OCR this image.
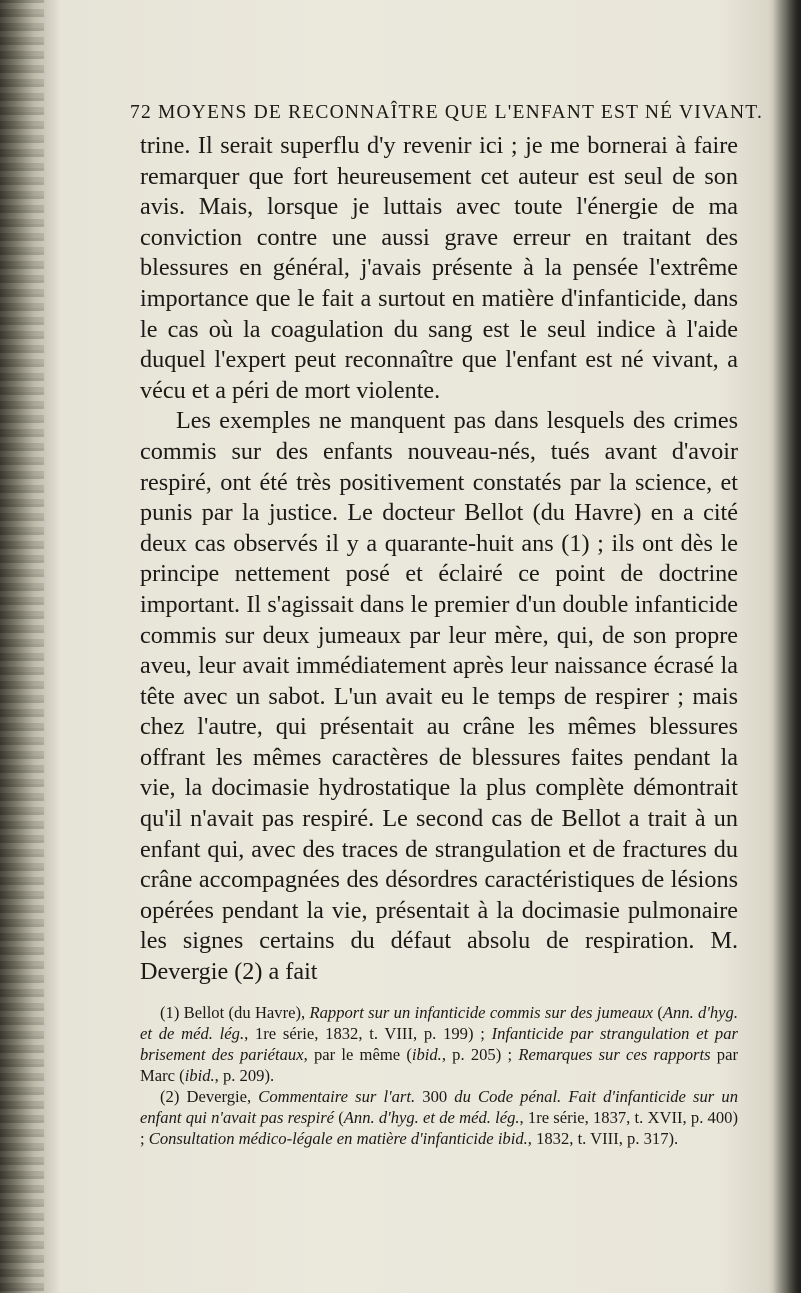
72 MOYENS DE RECONNAÎTRE QUE L'ENFANT EST NÉ VIVANT.

trine. Il serait superflu d'y revenir ici ; je me bornerai à faire remarquer que fort heureusement cet auteur est seul de son avis. Mais, lorsque je luttais avec toute l'énergie de ma conviction contre une aussi grave erreur en traitant des blessures en général, j'avais présente à la pensée l'extrême importance que le fait a surtout en matière d'infanticide, dans le cas où la coagulation du sang est le seul indice à l'aide duquel l'expert peut reconnaître que l'enfant est né vivant, a vécu et a péri de mort violente.

Les exemples ne manquent pas dans lesquels des crimes commis sur des enfants nouveau-nés, tués avant d'avoir respiré, ont été très positivement constatés par la science, et punis par la justice. Le docteur Bellot (du Havre) en a cité deux cas observés il y a quarante-huit ans (1) ; ils ont dès le principe nettement posé et éclairé ce point de doctrine important. Il s'agissait dans le premier d'un double infanticide commis sur deux jumeaux par leur mère, qui, de son propre aveu, leur avait immédiatement après leur naissance écrasé la tête avec un sabot. L'un avait eu le temps de respirer ; mais chez l'autre, qui présentait au crâne les mêmes blessures offrant les mêmes caractères de blessures faites pendant la vie, la docimasie hydrostatique la plus complète démontrait qu'il n'avait pas respiré. Le second cas de Bellot a trait à un enfant qui, avec des traces de strangulation et de fractures du crâne accompagnées des désordres caractéristiques de lésions opérées pendant la vie, présentait à la docimasie pulmonaire les signes certains du défaut absolu de respiration. M. Devergie (2) a fait

(1) Bellot (du Havre), Rapport sur un infanticide commis sur des jumeaux (Ann. d'hyg. et de méd. lég., 1re série, 1832, t. VIII, p. 199) ; Infanticide par strangulation et par brisement des pariétaux, par le même (ibid., p. 205) ; Remarques sur ces rapports par Marc (ibid., p. 209).

(2) Devergie, Commentaire sur l'art. 300 du Code pénal. Fait d'infanticide sur un enfant qui n'avait pas respiré (Ann. d'hyg. et de méd. lég., 1re série, 1837, t. XVII, p. 400) ; Consultation médico-légale en matière d'infanticide ibid., 1832, t. VIII, p. 317).
